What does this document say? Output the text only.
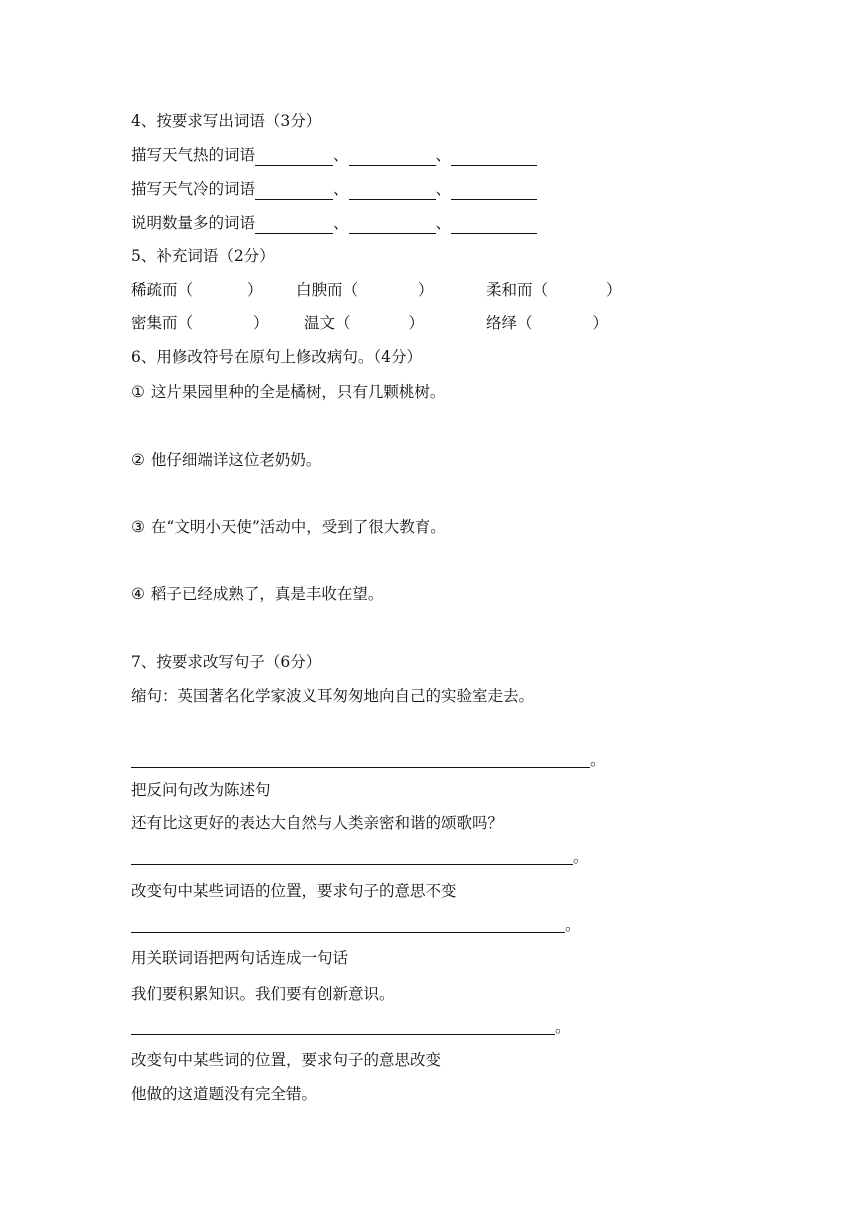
4、按要求写出词语（3分）
描写天气热的词语	、	、
描写天气冷的词语	、	、
说明数量多的词语	、	、
5、补充词语（2分）
稀疏而（	） 白腴而（	）	柔和而（	）
密集而（	） 温文（	）	络绎（	）
6、用修改符号在原句上修改病句。（4分）
① 这片果园里种的全是橘树，只有几颗桃树。
② 他仔细端详这位老奶奶。
③ 在“文明小天使”活动中，受到了很大教育。
④ 稻子已经成熟了，真是丰收在望。
7、按要求改写句子（6分）
缩句：英国著名化学家波义耳匆匆地向自己的实验室走去。
。
把反问句改为陈述句
还有比这更好的表达大自然与人类亲密和谐的颂歌吗？
。
改变句中某些词语的位置，要求句子的意思不变
。
用关联词语把两句话连成一句话
我们要积累知识。我们要有创新意识。
。
改变句中某些词的位置，要求句子的意思改变
他做的这道题没有完全错。
